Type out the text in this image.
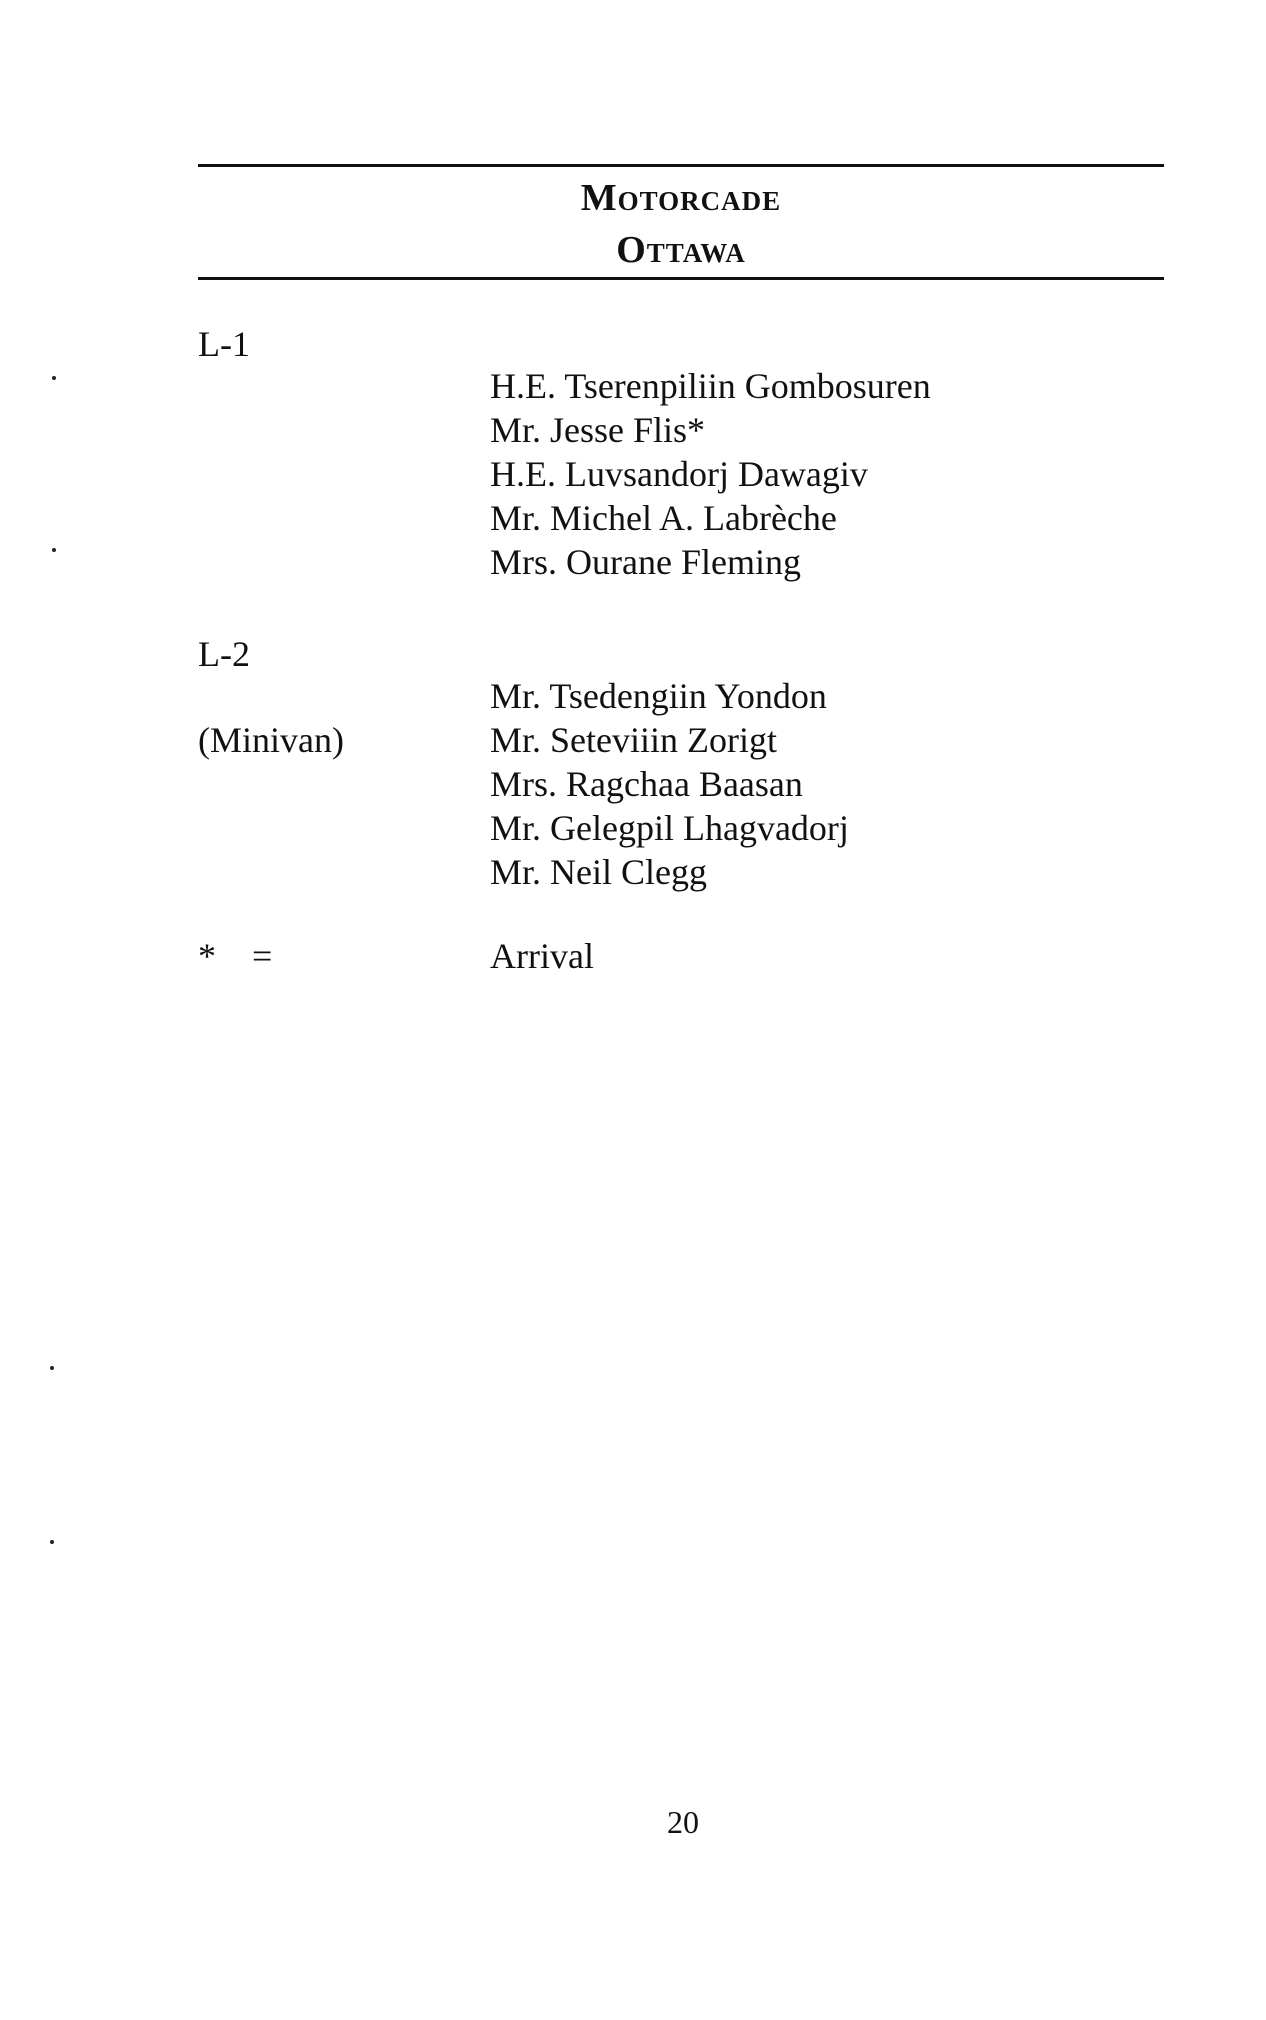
Motorcade
Ottawa
L-1
H.E. Tserenpiliin Gombosuren
Mr. Jesse Flis*
H.E. Luvsandorj Dawagiv
Mr. Michel A. Labrèche
Mrs. Ourane Fleming
L-2
(Minivan)
Mr. Tsedengiin Yondon
Mr. Seteviiin Zorigt
Mrs. Ragchaa Baasan
Mr. Gelegpil Lhagvadorj
Mr. Neil Clegg
* =	Arrival
20
